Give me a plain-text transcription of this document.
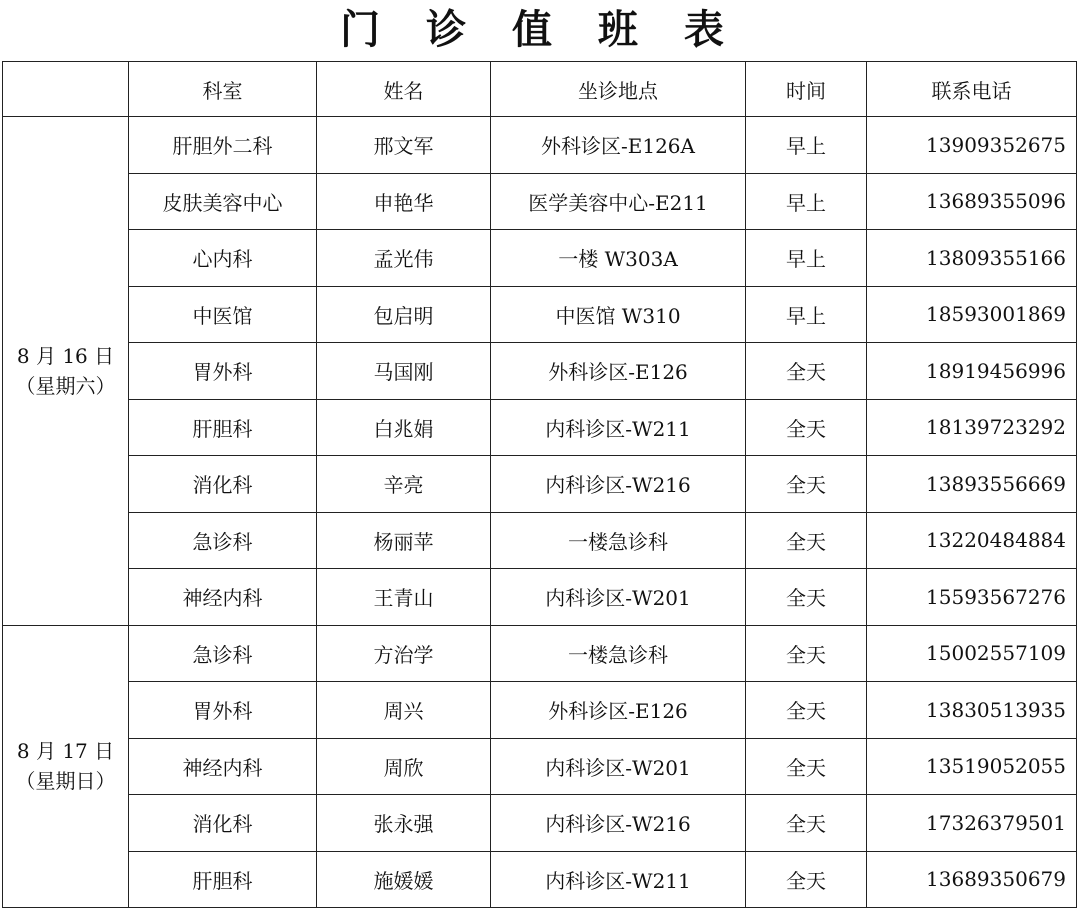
门 诊 值 班 表
	科室	姓名	坐诊地点	时间	联系电话

8 月 16 日
（星期六）	肝胆外二科	邢文军	外科诊区-E126A	早上	13909352675
	皮肤美容中心	申艳华	医学美容中心-E211	早上	13689355096
	心内科	孟光伟	一楼 W303A	早上	13809355166
	中医馆	包启明	中医馆 W310	早上	18593001869
	胃外科	马国刚	外科诊区-E126	全天	18919456996
	肝胆科	白兆娟	内科诊区-W211	全天	18139723292
	消化科	辛亮	内科诊区-W216	全天	13893556669
	急诊科	杨丽苹	一楼急诊科	全天	13220484884
	神经内科	王青山	内科诊区-W201	全天	15593567276

8 月 17 日
（星期日）	急诊科	方治学	一楼急诊科	全天	15002557109
	胃外科	周兴	外科诊区-E126	全天	13830513935
	神经内科	周欣	内科诊区-W201	全天	13519052055
	消化科	张永强	内科诊区-W216	全天	17326379501
	肝胆科	施媛媛	内科诊区-W211	全天	13689350679
